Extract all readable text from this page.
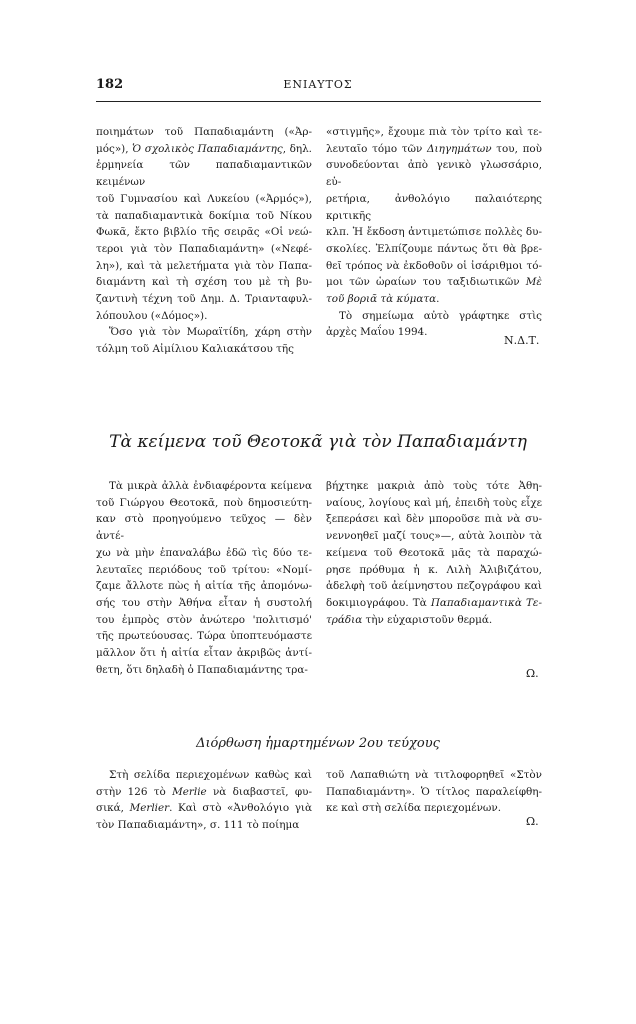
182	ΕΝΙΑΥΤΟΣ
ποιημάτων τοῦ Παπαδιαμάντη («Ἀρ-
μός»), Ὁ σχολικὸς Παπαδιαμάντης, δηλ.
ἑρμηνεία τῶν παπαδιαμαντικῶν κειμένων
τοῦ Γυμνασίου καὶ Λυκείου («Ἀρμός»),
τὰ παπαδιαμαντικὰ δοκίμια τοῦ Νίκου
Φωκᾶ, ἔκτο βιβλίο τῆς σειρᾶς «Οἱ νεώ-
τεροι γιὰ τὸν Παπαδιαμάντη» («Νεφέ-
λη»), καὶ τὰ μελετήματα γιὰ τὸν Παπα-
διαμάντη καὶ τὴ σχέση του μὲ τὴ βυ-
ζαντινὴ τέχνη τοῦ Δημ. Δ. Τριανταφυλ-
λόπουλου («Δόμος»).
Ὅσο γιὰ τὸν Μωραϊτίδη, χάρη στὴν
τόλμη τοῦ Αἰμίλιου Καλιακάτσου τῆς
«στιγμῆς», ἔχουμε πιὰ τὸν τρίτο καὶ τε-
λευταῖο τόμο τῶν Διηγημάτων του, ποὺ
συνοδεύονται ἀπὸ γενικὸ γλωσσάριο, εὐ-
ρετήρια, ἀνθολόγιο παλαιότερης κριτικῆς
κλπ. Ἡ ἔκδοση ἀντιμετώπισε πολλὲς δυ-
σκολίες. Ἐλπίζουμε πάντως ὅτι θὰ βρε-
θεῖ τρόπος νὰ ἐκδοθοῦν οἱ ἰσάριθμοι τό-
μοι τῶν ὡραίων του ταξιδιωτικῶν Μὲ
τοῦ βοριᾶ τὰ κύματα.
Τὸ σημείωμα αὐτὸ γράφτηκε στὶς
ἀρχὲς Μαΐου 1994.
Ν.Δ.Τ.
Τὰ κείμενα τοῦ Θεοτοκᾶ γιὰ τὸν Παπαδιαμάντη
Τὰ μικρὰ ἀλλὰ ἐνδιαφέροντα κείμενα
τοῦ Γιώργου Θεοτοκᾶ, ποὺ δημοσιεύτη-
καν στὸ προηγούμενο τεῦχος — δὲν ἀντέ-
χω νὰ μὴν ἐπαναλάβω ἐδῶ τὶς δύο τε-
λευταῖες περιόδους τοῦ τρίτου: «Νομί-
ζαμε ἄλλοτε πὼς ἡ αἰτία τῆς ἀπομόνω-
σής του στὴν Ἀθήνα εἶταν ἡ συστολή
του ἐμπρὸς στὸν ἀνώτερο 'πολιτισμό'
τῆς πρωτεύουσας. Τώρα ὑποπτευόμαστε
μᾶλλον ὅτι ἡ αἰτία εἶταν ἀκριβῶς ἀντί-
θετη, ὅτι δηλαδὴ ὁ Παπαδιαμάντης τρα-
βήχτηκε μακριὰ ἀπὸ τοὺς τότε Ἀθη-
ναίους, λογίους καὶ μή, ἐπειδὴ τοὺς εἶχε
ξεπεράσει καὶ δὲν μποροῦσε πιὰ νὰ συ-
νεννοηθεῖ μαζί τους»—, αὐτὰ λοιπὸν τὰ
κείμενα τοῦ Θεοτοκᾶ μᾶς τὰ παραχώ-
ρησε πρόθυμα ἡ κ. Λιλὴ Ἀλιβιζάτου,
ἀδελφὴ τοῦ ἀείμνηστου πεζογράφου καὶ
δοκιμιογράφου. Τὰ Παπαδιαμαντικὰ Τε-
τράδια τὴν εὐχαριστοῦν θερμά.
Ω.
Διόρθωση ἡμαρτημένων 2ου τεύχους
Στὴ σελίδα περιεχομένων καθὼς καὶ
στὴν 126 τὸ Merlie νὰ διαβαστεῖ, φυ-
σικά, Merlier. Καὶ στὸ «Ἀνθολόγιο γιὰ
τὸν Παπαδιαμάντη», σ. 111 τὸ ποίημα
τοῦ Λαπαθιώτη νὰ τιτλοφορηθεῖ «Στὸν
Παπαδιαμάντη». Ὁ τίτλος παραλείφθη-
κε καὶ στὴ σελίδα περιεχομένων.
Ω.
